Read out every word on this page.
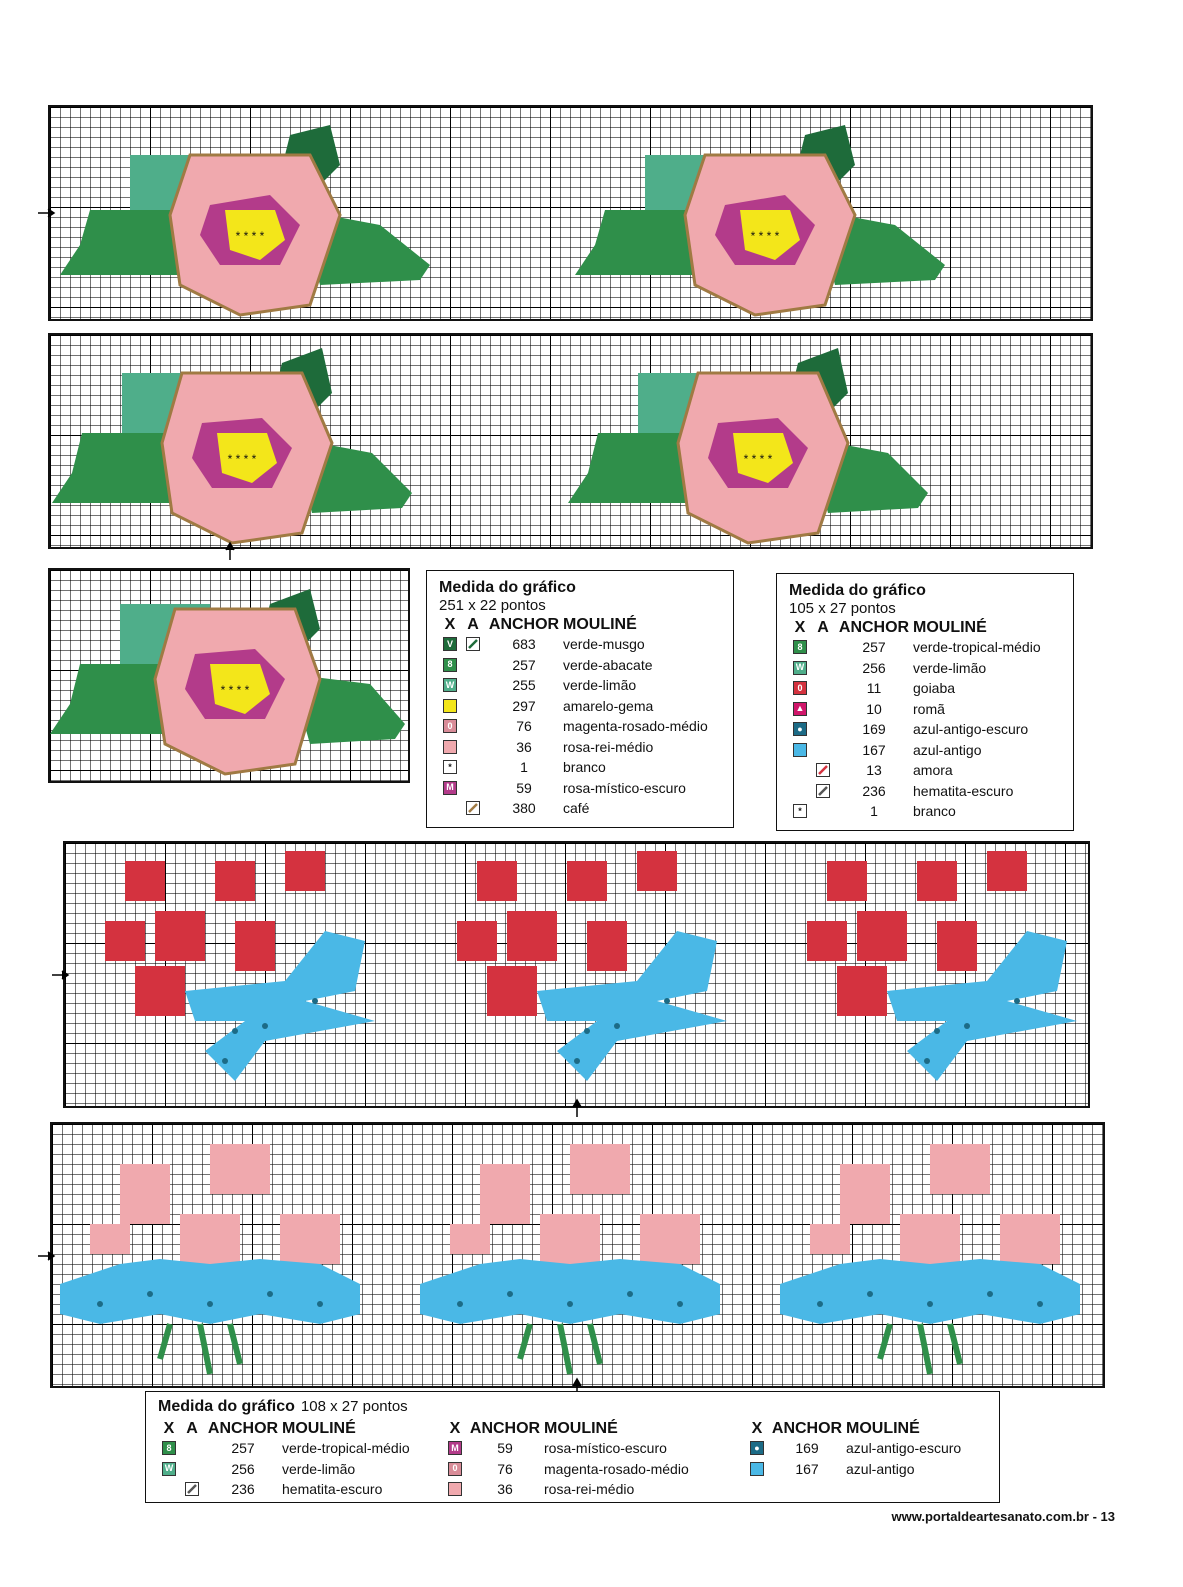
* * * *	* * * *
* * * *	* * * *
* * * *
Medida do gráfico
251 x 22 pontos
X A ANCHOR MOULINÉ
V	683	verde-musgo
8	257	verde-abacate
W	255	verde-limão
297	amarelo-gema
0	76	magenta-rosado-médio
36	rosa-rei-médio
*	1	branco
M	59	rosa-místico-escuro
380	café
Medida do gráfico
105 x 27 pontos
X A ANCHOR MOULINÉ
8	257	verde-tropical-médio
W	256	verde-limão
0	11	goiaba
▲	10	romã
●	169	azul-antigo-escuro
167	azul-antigo
13	amora
236	hematita-escuro
*	1	branco
Medida do gráfico 108 x 27 pontos
X A ANCHOR MOULINÉ
8	257	verde-tropical-médio
W	256	verde-limão
236	hematita-escuro
X ANCHOR MOULINÉ
M	59	rosa-místico-escuro
0	76	magenta-rosado-médio
36	rosa-rei-médio
X ANCHOR MOULINÉ
●	169	azul-antigo-escuro
167	azul-antigo
www.portaldeartesanato.com.br - 13
